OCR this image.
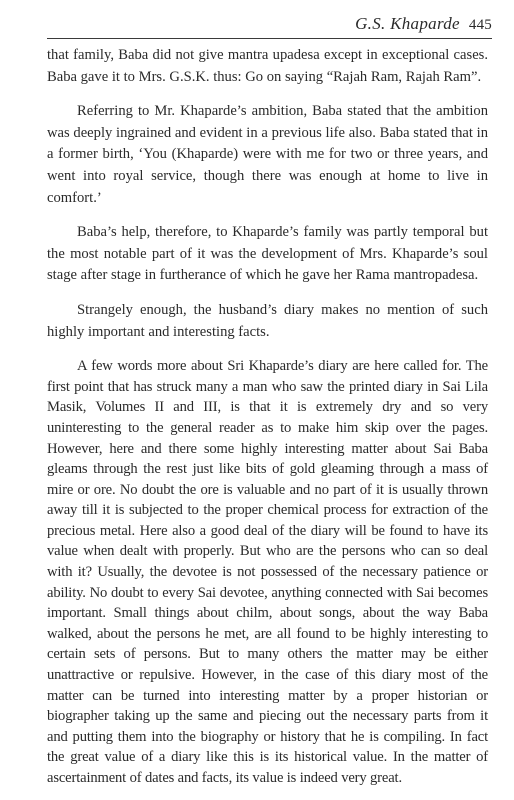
G.S. Khaparde 445

that family, Baba did not give mantra upadesa except in exceptional cases. Baba gave it to Mrs. G.S.K. thus: Go on saying “Rajah Ram, Rajah Ram”.

Referring to Mr. Khaparde’s ambition, Baba stated that the ambition was deeply ingrained and evident in a previous life also. Baba stated that in a former birth, ‘You (Khaparde) were with me for two or three years, and went into royal service, though there was enough at home to live in comfort.’

Baba’s help, therefore, to Khaparde’s family was partly temporal but the most notable part of it was the development of Mrs. Khaparde’s soul stage after stage in furtherance of which he gave her Rama mantropadesa.

Strangely enough, the husband’s diary makes no mention of such highly important and interesting facts.

A few words more about Sri Khaparde’s diary are here called for. The first point that has struck many a man who saw the printed diary in Sai Lila Masik, Volumes II and III, is that it is extremely dry and so very uninteresting to the general reader as to make him skip over the pages. However, here and there some highly interesting matter about Sai Baba gleams through the rest just like bits of gold gleaming through a mass of mire or ore. No doubt the ore is valuable and no part of it is usually thrown away till it is subjected to the proper chemical process for extraction of the precious metal. Here also a good deal of the diary will be found to have its value when dealt with properly. But who are the persons who can so deal with it? Usually, the devotee is not possessed of the necessary patience or ability. No doubt to every Sai devotee, anything connected with Sai becomes important. Small things about chilm, about songs, about the way Baba walked, about the persons he met, are all found to be highly interesting to certain sets of persons. But to many others the matter may be either unattractive or repulsive. However, in the case of this diary most of the matter can be turned into interesting matter by a proper historian or biographer taking up the same and piecing out the necessary parts from it and putting them into the biography or history that he is compiling. In fact the great value of a diary like this is its historical value. In the matter of ascertainment of dates and facts, its value is indeed very great.
